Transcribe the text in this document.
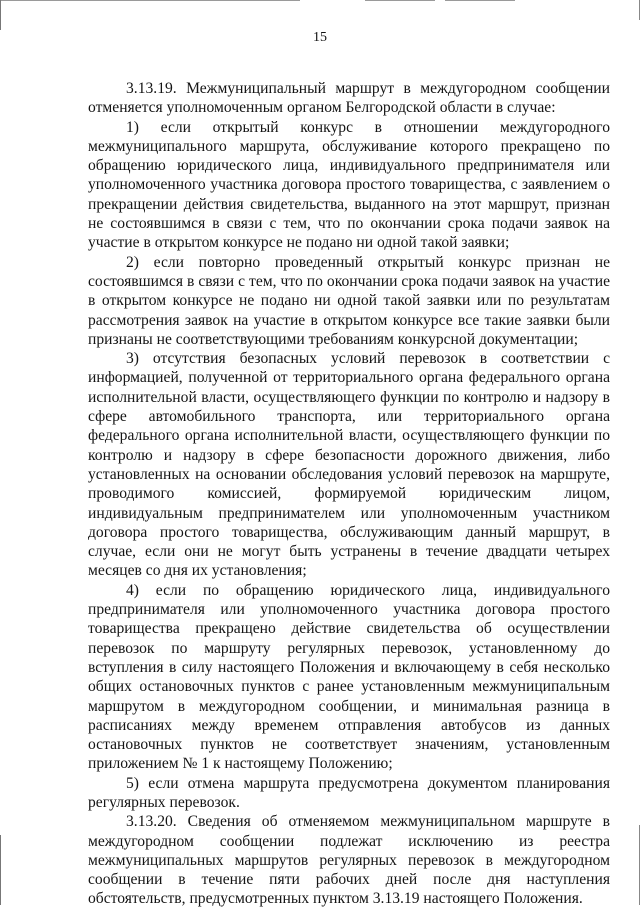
15

3.13.19. Межмуниципальный маршрут в междугородном сообщении отменяется уполномоченным органом Белгородской области в случае:

1) если открытый конкурс в отношении междугородного межмуниципального маршрута, обслуживание которого прекращено по обращению юридического лица, индивидуального предпринимателя или уполномоченного участника договора простого товарищества, с заявлением о прекращении действия свидетельства, выданного на этот маршрут, признан не состоявшимся в связи с тем, что по окончании срока подачи заявок на участие в открытом конкурсе не подано ни одной такой заявки;

2) если повторно проведенный открытый конкурс признан не состоявшимся в связи с тем, что по окончании срока подачи заявок на участие в открытом конкурсе не подано ни одной такой заявки или по результатам рассмотрения заявок на участие в открытом конкурсе все такие заявки были признаны не соответствующими требованиям конкурсной документации;

3) отсутствия безопасных условий перевозок в соответствии с информацией, полученной от территориального органа федерального органа исполнительной власти, осуществляющего функции по контролю и надзору в сфере автомобильного транспорта, или территориального органа федерального органа исполнительной власти, осуществляющего функции по контролю и надзору в сфере безопасности дорожного движения, либо установленных на основании обследования условий перевозок на маршруте, проводимого комиссией, формируемой юридическим лицом, индивидуальным предпринимателем или уполномоченным участником договора простого товарищества, обслуживающим данный маршрут, в случае, если они не могут быть устранены в течение двадцати четырех месяцев со дня их установления;

4) если по обращению юридического лица, индивидуального предпринимателя или уполномоченного участника договора простого товарищества прекращено действие свидетельства об осуществлении перевозок по маршруту регулярных перевозок, установленному до вступления в силу настоящего Положения и включающему в себя несколько общих остановочных пунктов с ранее установленным межмуниципальным маршрутом в междугородном сообщении, и минимальная разница в расписаниях между временем отправления автобусов из данных остановочных пунктов не соответствует значениям, установленным приложением № 1 к настоящему Положению;

5) если отмена маршрута предусмотрена документом планирования регулярных перевозок.

3.13.20. Сведения об отменяемом межмуниципальном маршруте в междугородном сообщении подлежат исключению из реестра межмуниципальных маршрутов регулярных перевозок в междугородном сообщении в течение пяти рабочих дней после дня наступления обстоятельств, предусмотренных пунктом 3.13.19 настоящего Положения.
